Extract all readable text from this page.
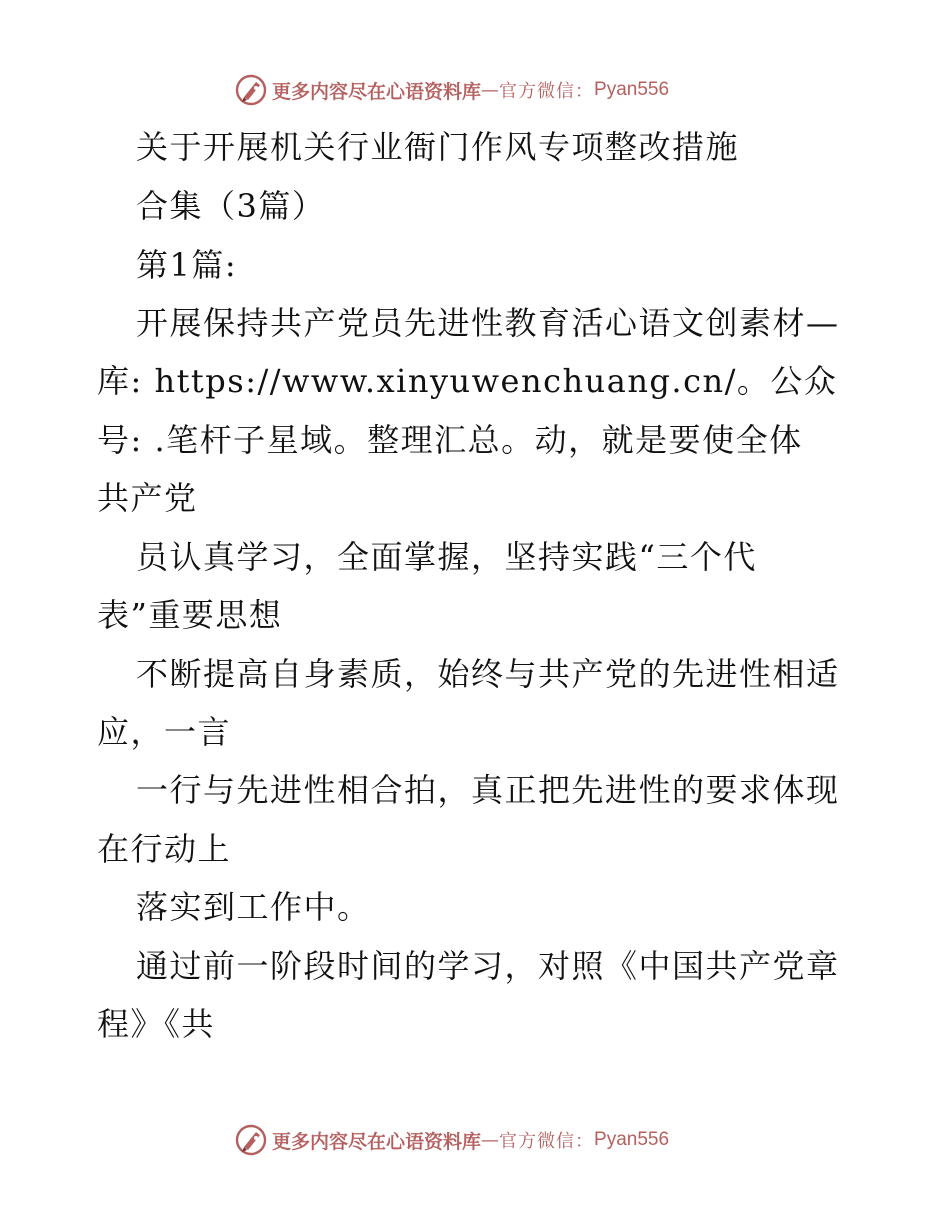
更多内容尽在心语资料库 — 官方微信： Pyan556
关于开展机关行业衙门作风专项整改措施
合集（3篇）
第1篇:
开展保持共产党员先进性教育活心语文创素材—
库: https://www.xinyuwenchuang.cn/。公众
号: .笔杆子星域。整理汇总。动，就是要使全体
共产党
员认真学习，全面掌握，坚持实践“三个代
表”重要思想
不断提高自身素质，始终与共产党的先进性相适
应，一言
一行与先进性相合拍，真正把先进性的要求体现
在行动上
落实到工作中。
通过前一阶段时间的学习，对照《中国共产党章
程》《共
更多内容尽在心语资料库 — 官方微信： Pyan556
